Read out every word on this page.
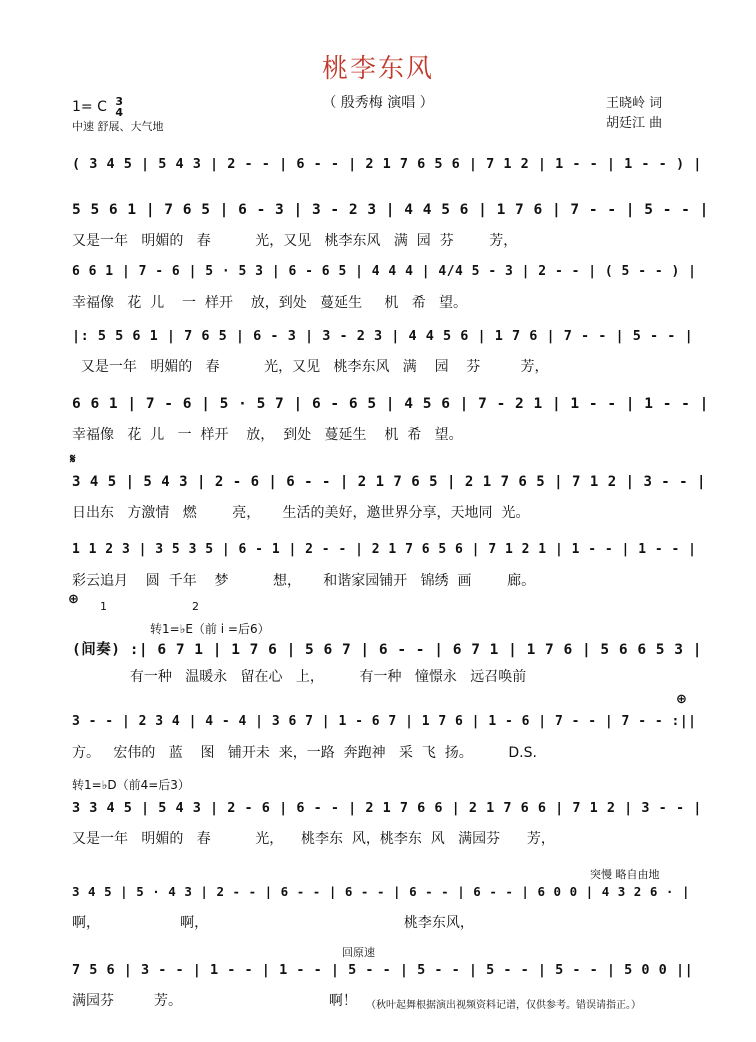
桃李东风
（ 殷秀梅 演唱 ）
1= C 3
4
中速 舒展、大气地
王晓岭 词
胡廷江 曲
( 3 4 5 | 5 4 3 | 2 - - | 6 - - | 2 1 7 6 5 6 | 7 1 2 | 1 - - | 1 - - ) |
5 5 6 1 | 7 6 5 | 6 - 3 | 3 - 2 3 | 4 4 5 6 | 1 7 6 | 7 - - | 5 - - |
又是一年   明媚的   春          光，又见   桃李东风   满  园  芬        芳，
6 6 1 | 7 - 6 | 5 · 5 3 | 6 - 6 5 | 4 4 4 | 4/4 5 - 3 | 2 - - | ( 5 - - ) |
幸福像   花  儿    一  样开    放，到处   蔓延生     机   希   望。
|: 5 5 6 1 | 7 6 5 | 6 - 3 | 3 - 2 3 | 4 4 5 6 | 1 7 6 | 7 - - | 5 - - |
又是一年   明媚的   春          光，又见   桃李东风   满    园    芬         芳，
6 6 1 | 7 - 6 | 5 · 5 7 | 6 - 6 5 | 4 5 6 | 7 - 2 1 | 1 - - | 1 - - |
幸福像   花  儿   一  样开    放，  到处   蔓延生    机  希   望。
3 4 5 | 5 4 3 | 2 - 6 | 6 - - | 2 1 7 6 5 | 2 1 7 6 5 | 7 1 2 | 3 - - |
日出东   方激情   燃        亮，     生活的美好，邀世界分享，天地同  光。
1 1 2 3 | 3 5 3 5 | 6 - 1 | 2 - - | 2 1 7 6 5 6 | 7 1 2 1 | 1 - - | 1 - - |
彩云追月    圆  千年    梦          想，     和谐家园铺开   锦绣  画        廊。
(间奏) :| 6 7 1 | 1 7 6 | 5 6 7 | 6 - - | 6 7 1 | 1 7 6 | 5 6 6 5 3 |
有一种   温暖永   留在心   上，        有一种   憧憬永   远召唤前
3 - - | 2 3 4 | 4 - 4 | 3 6 7 | 1 - 6 7 | 1 7 6 | 1 - 6 | 7 - - | 7 - - :||
方。   宏伟的   蓝    图   铺开未  来，一路  奔跑神   采  飞  扬。        D.S.
3 3 4 5 | 5 4 3 | 2 - 6 | 6 - - | 2 1 7 6 6 | 2 1 7 6 6 | 7 1 2 | 3 - - |
又是一年   明媚的   春          光，    桃李东  风，桃李东  风   满园芬      芳，
3 4 5 | 5 · 4 3 | 2 - - | 6 - - | 6 - - | 6 - - | 6 - - | 6 0 0 | 4 3 2 6 · |
啊，                  啊，                                            桃李东风，
7 5 6 | 3 - - | 1 - - | 1 - - | 5 - - | 5 - - | 5 - - | 5 - - | 5 0 0 ||
满园芬         芳。                                 啊！
𝄋
⊕
⊕
1	2
转1=♭E（前 i =后6）
转1=♭D（前4=后3）
突慢 略自由地
回原速
（秋叶起舞根据演出视频资料记谱，仅供参考。错误请指正。）
